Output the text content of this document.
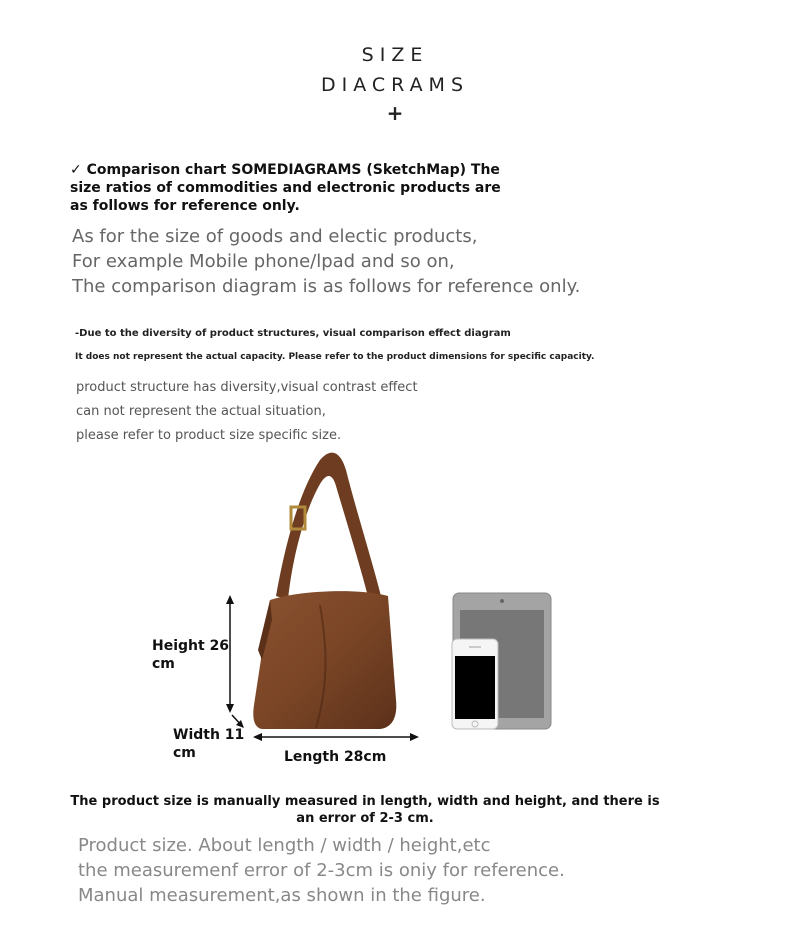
SIZE
DIACRAMS
+
✓ Comparison chart SOMEDIAGRAMS (SketchMap) The size ratios of commodities and electronic products are as follows for reference only.
As for the size of goods and electic products,
For example Mobile phone/lpad and so on,
The comparison diagram is as follows for reference only.
-Due to the diversity of product structures, visual comparison effect diagram
It does not represent the actual capacity. Please refer to the product dimensions for specific capacity.
product structure has diversity,visual contrast effect
can not represent the actual situation,
please refer to product size specific size.
Height 26 cm
Width 11 cm	Length 28cm
The product size is manually measured in length, width and height, and there is an error of 2-3 cm.
Product size. About length / width / height,etc
the measuremenf error of 2-3cm is oniy for reference.
Manual measurement,as shown in the figure.
